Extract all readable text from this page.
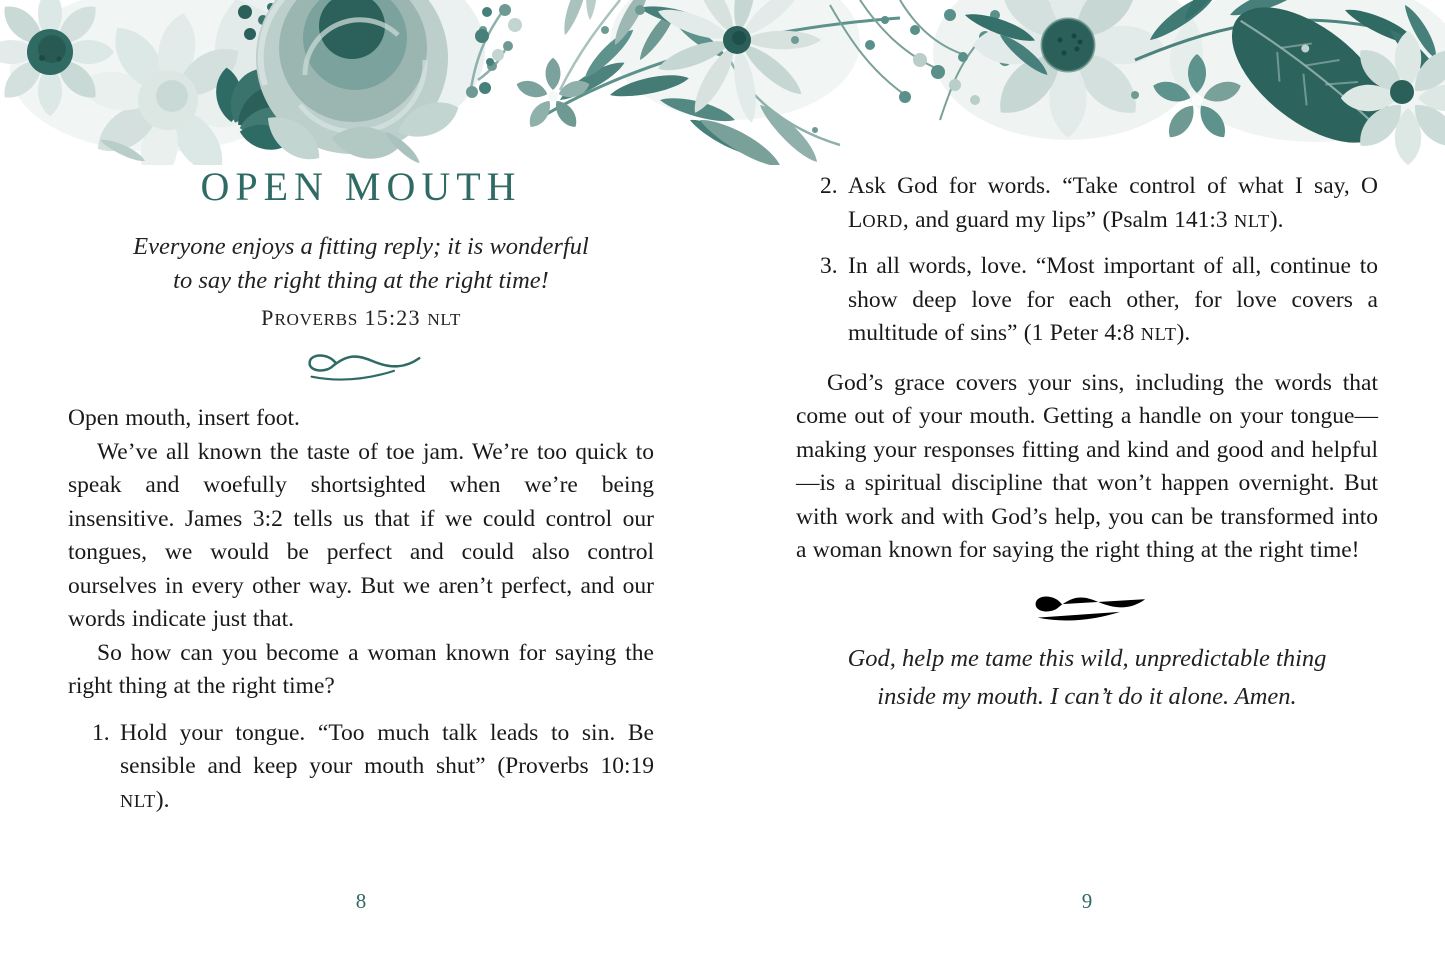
OPEN MOUTH
Everyone enjoys a fitting reply; it is wonderful
to say the right thing at the right time!
PROVERBS 15:23 NLT

Open mouth, insert foot.

We’ve all known the taste of toe jam. We’re too quick to speak and woefully shortsighted when we’re being insensitive. James 3:2 tells us that if we could control our tongues, we would be perfect and could also control ourselves in every other way. But we aren’t perfect, and our words indicate just that.

So how can you become a woman known for saying the right thing at the right time?

1. Hold your tongue. “Too much talk leads to sin. Be sensible and keep your mouth shut” (Proverbs 10:19 NLT).
2. Ask God for words. “Take control of what I say, O LORD, and guard my lips” (Psalm 141:3 NLT).
3. In all words, love. “Most important of all, continue to show deep love for each other, for love covers a multitude of sins” (1 Peter 4:8 NLT).

God’s grace covers your sins, including the words that come out of your mouth. Getting a handle on your tongue—making your responses fitting and kind and good and helpful—is a spiritual discipline that won’t happen overnight. But with work and with God’s help, you can be transformed into a woman known for saying the right thing at the right time!

God, help me tame this wild, unpredictable thing
inside my mouth. I can’t do it alone. Amen.
8	9
